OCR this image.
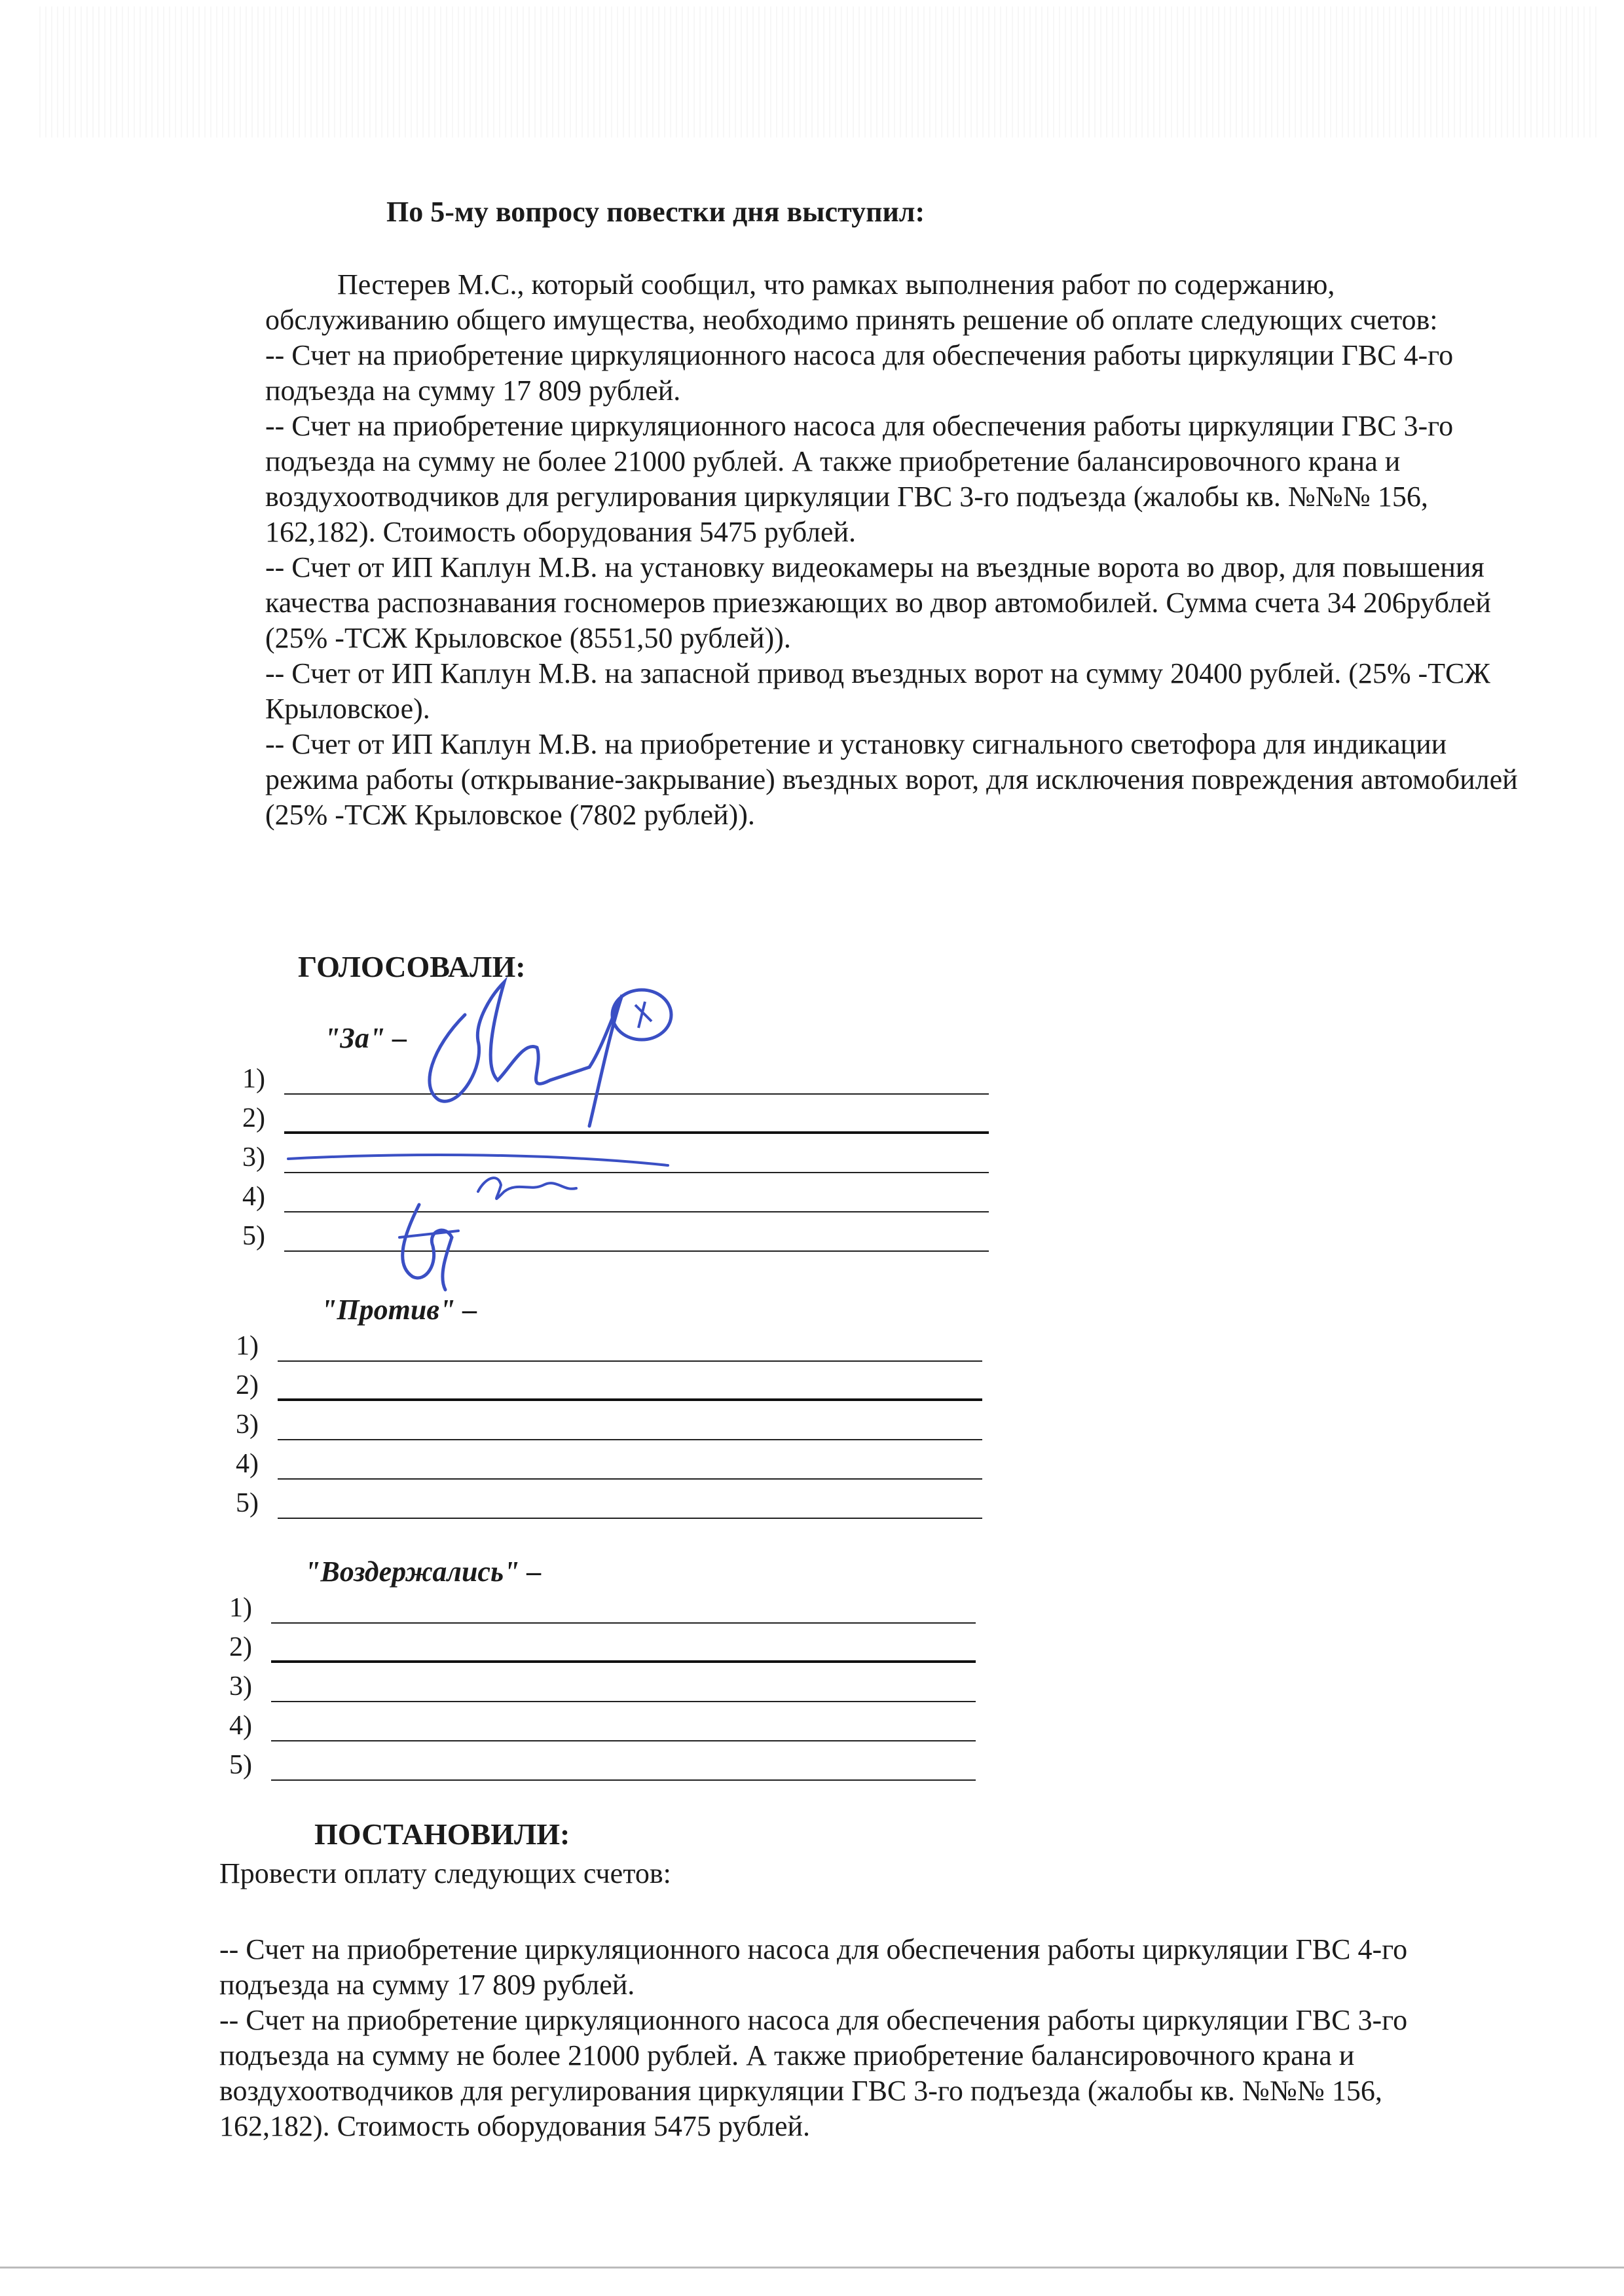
По 5-му вопросу повестки дня выступил:

Пестерев М.С., который сообщил, что рамках выполнения работ по содержанию, обслуживанию общего имущества, необходимо принять решение об оплате следующих счетов:

-- Счет на приобретение циркуляционного насоса для обеспечения работы циркуляции ГВС 4-го подъезда на сумму 17 809 рублей.

-- Счет на приобретение циркуляционного насоса для обеспечения работы циркуляции ГВС 3-го подъезда на сумму не более 21000 рублей. А также приобретение балансировочного крана и воздухоотводчиков для регулирования циркуляции ГВС 3-го подъезда (жалобы кв. №№№ 156, 162,182). Стоимость оборудования 5475 рублей.

-- Счет от ИП Каплун М.В. на установку видеокамеры на въездные ворота во двор, для повышения качества распознавания госномеров приезжающих во двор автомобилей. Сумма счета 34 206рублей (25% -ТСЖ Крыловское (8551,50 рублей)).

-- Счет от ИП Каплун М.В. на запасной привод въездных ворот на сумму 20400 рублей. (25% -ТСЖ Крыловское).

-- Счет от ИП Каплун М.В. на приобретение и установку сигнального светофора для индикации режима работы (открывание-закрывание) въездных ворот, для исключения повреждения автомобилей (25% -ТСЖ Крыловское (7802 рублей)).

ГОЛОСОВАЛИ:
"За" –
1)
2)
3)
4)
5)
"Против" –
1)
2)
3)
4)
5)
"Воздержались" –
1)
2)
3)
4)
5)
ПОСТАНОВИЛИ:

Провести оплату следующих счетов:

-- Счет на приобретение циркуляционного насоса для обеспечения работы циркуляции ГВС 4-го подъезда на сумму 17 809 рублей.

-- Счет на приобретение циркуляционного насоса для обеспечения работы циркуляции ГВС 3-го подъезда на сумму не более 21000 рублей. А также приобретение балансировочного крана и воздухоотводчиков для регулирования циркуляции ГВС 3-го подъезда (жалобы кв. №№№ 156, 162,182). Стоимость оборудования 5475 рублей.
